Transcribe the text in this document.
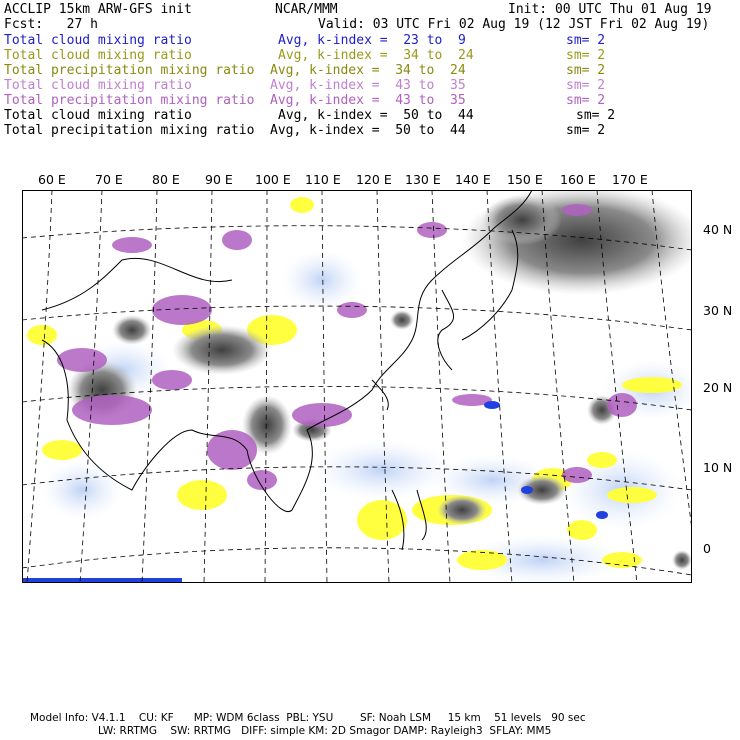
ACCLIP 15km ARW-GFS init	NCAR/MMM	Init: 00 UTC Thu 01 Aug 19
Fcst:   27 h	Valid: 03 UTC Fri 02 Aug 19 (12 JST Fri 02 Aug 19)
Total cloud mixing ratio	Avg, k-index =  23 to  9	sm= 2
Total cloud mixing ratio	Avg, k-index =  34 to  24	sm= 2
Total precipitation mixing ratio Avg, k-index =  34 to  24	sm= 2
Total cloud mixing ratio	Avg, k-index =  43 to  35	sm= 2
Total precipitation mixing ratio Avg, k-index =  43 to  35	sm= 2
Total cloud mixing ratio	Avg, k-index =  50 to  44	sm= 2
Total precipitation mixing ratio Avg, k-index =  50 to  44	sm= 2
60 E 70 E 80 E 90 E 100 E 110 E 120 E 130 E 140 E 150 E 160 E 170 E
40 N
30 N
20 N
10 N
0
Model Info: V4.1.1    CU: KF      MP: WDM 6class  PBL: YSU        SF: Noah LSM     15 km    51 levels   90 sec
LW: RRTMG    SW: RRTMG   DIFF: simple KM: 2D Smagor DAMP: Rayleigh3  SFLAY: MM5
